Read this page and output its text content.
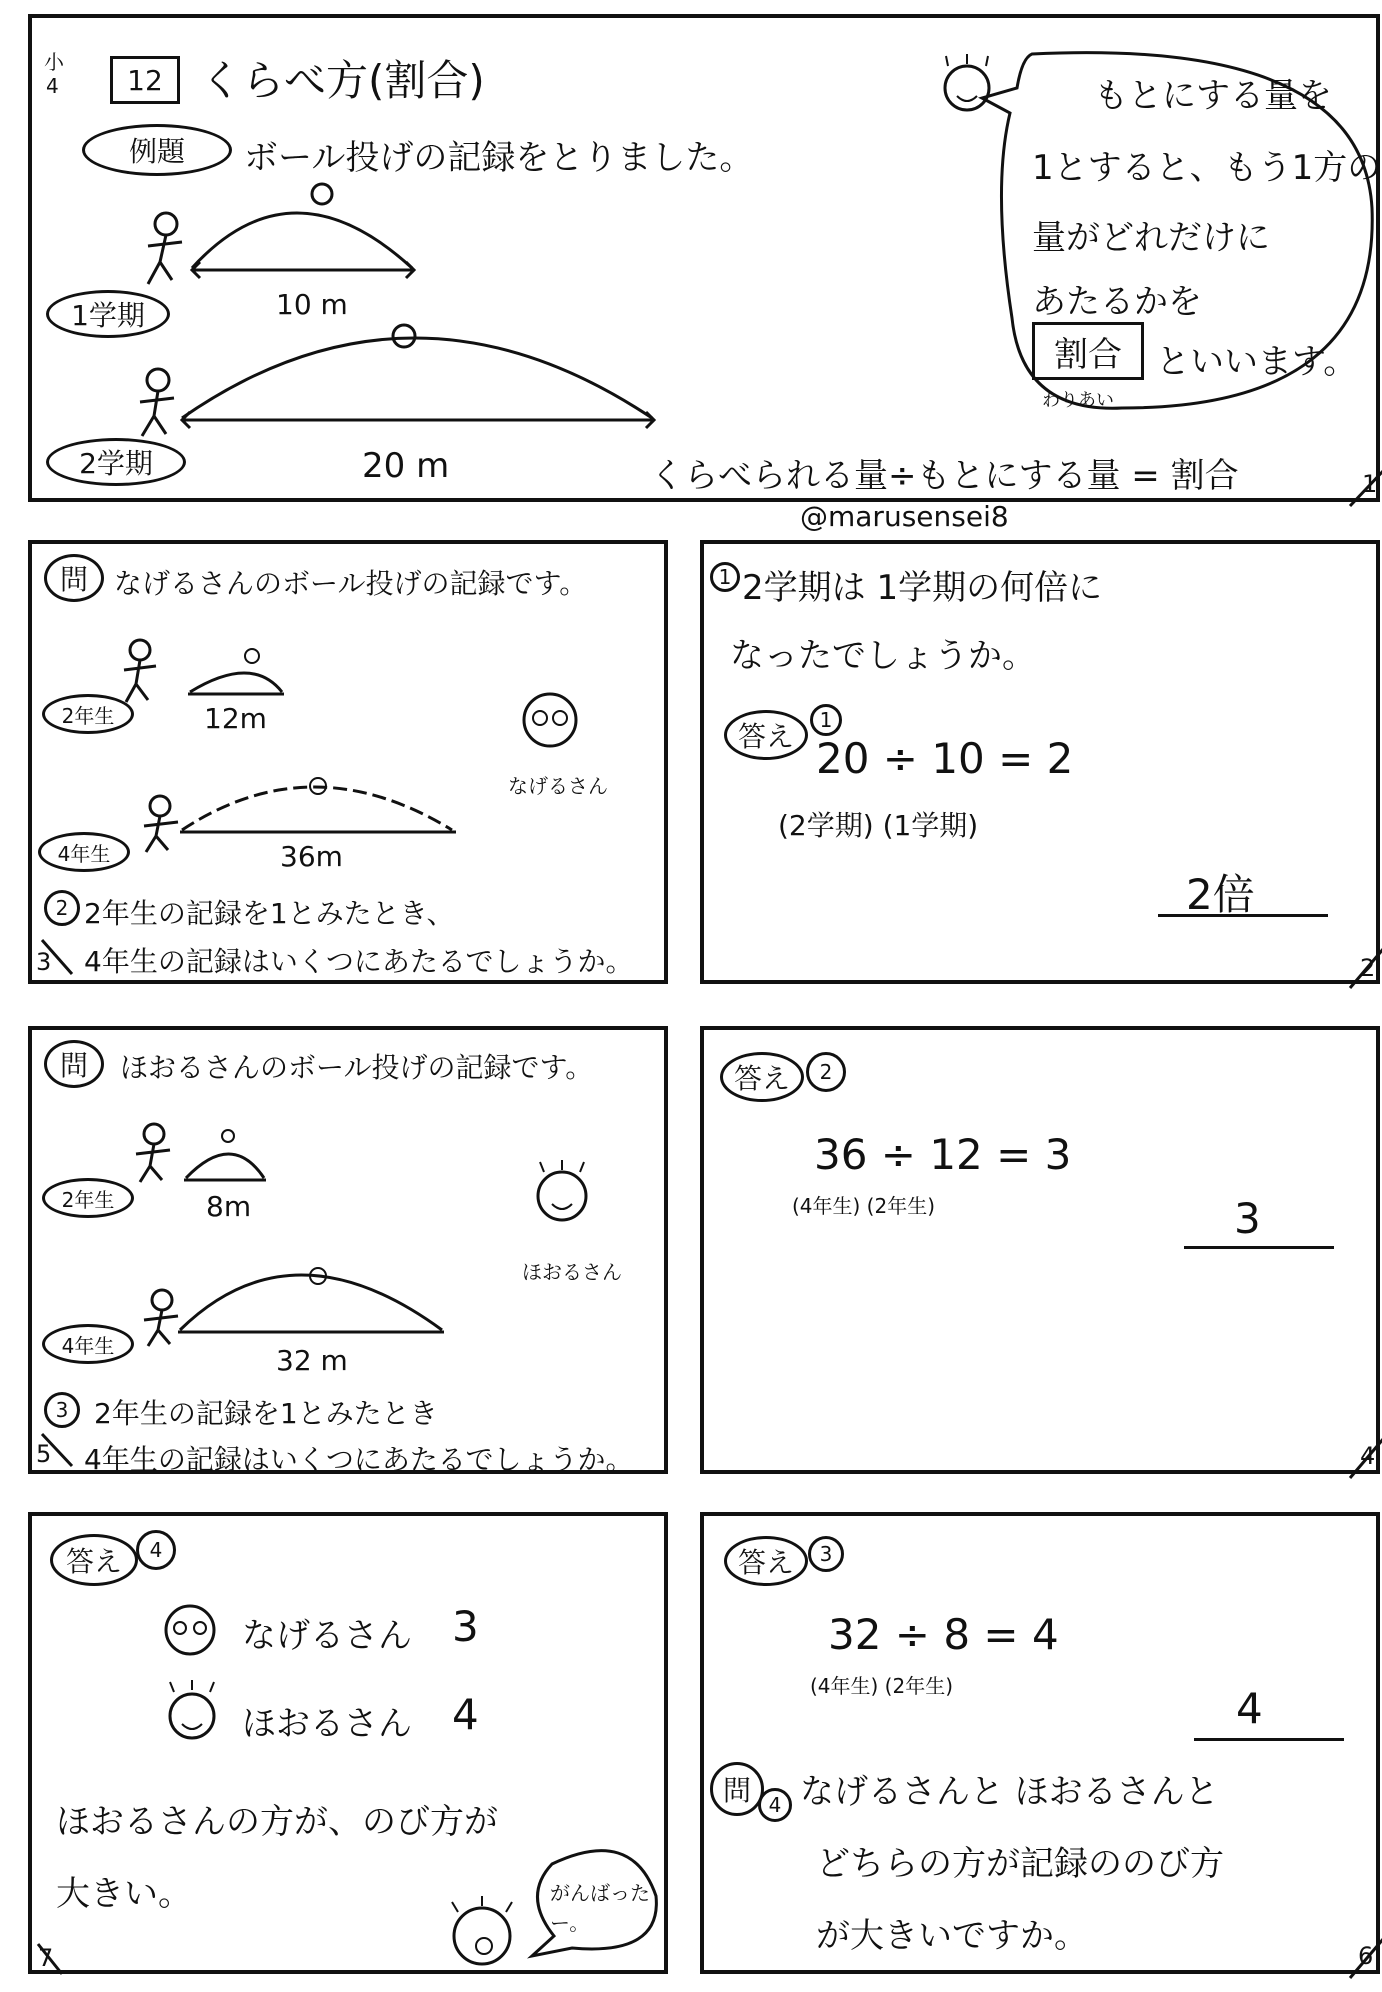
小
4 12 くらべ方(割合)
例題	ボール投げの記録をとりました。
1学期	10 m
2学期	20 m
もとにする量を
1とすると、もう1方の
量がどれだけに
あたるかを
割合
わりあい
といいます。
くらべられる量÷もとにする量 = 割合	1
@marusensei8
問 なげるさんのボール投げの記録です。
2年生	12m
4年生	36m
なげるさん
2 2年生の記録を1とみたとき、
4年生の記録はいくつにあたるでしょうか。
3
1 2学期は 1学期の何倍に
なったでしょうか。
答え	1
20 ÷ 10 = 2
(2学期) (1学期)
2倍
2
問	ほおるさんのボール投げの記録です。
2年生	8m
4年生	32 m
ほおるさん
3 2年生の記録を1とみたとき
4年生の記録はいくつにあたるでしょうか。
5
答え	2
36 ÷ 12 = 3
(4年生) (2年生)	3
4
答え	4
なげるさん 3
ほおるさん 4
ほおるさんの方が、のび方が
大きい。	がんばったー。
7
答え	3
32 ÷ 8 = 4
(4年生) (2年生)	4
問 4 なげるさんと ほおるさんと
どちらの方が記録ののび方
が大きいですか。	6
